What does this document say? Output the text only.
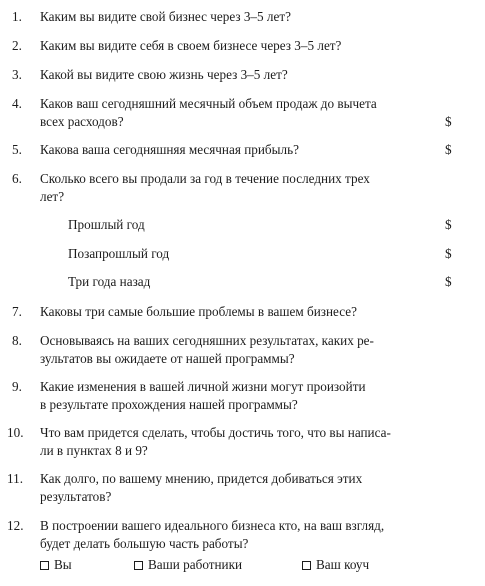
1. Каким вы видите свой бизнес через 3–5 лет?
2. Каким вы видите себя в своем бизнесе через 3–5 лет?
3. Какой вы видите свою жизнь через 3–5 лет?
4. Каков ваш сегодняшний месячный объем продаж до вычета
всех расходов?	$
5. Какова ваша сегодняшняя месячная прибыль?	$
6. Сколько всего вы продали за год в течение последних трех
лет?
Прошлый год	$
Позапрошлый год	$
Три года назад	$
7. Каковы три самые большие проблемы в вашем бизнесе?
8. Основываясь на ваших сегодняшних результатах, каких ре-
зультатов вы ожидаете от нашей программы?
9. Какие изменения в вашей личной жизни могут произойти
в результате прохождения нашей программы?
10. Что вам придется сделать, чтобы достичь того, что вы написа-
ли в пунктах 8 и 9?
11. Как долго, по вашему мнению, придется добиваться этих
результатов?
12. В построении вашего идеального бизнеса кто, на ваш взгляд,
будет делать большую часть работы?
Вы	Ваши работники	Ваш коуч
